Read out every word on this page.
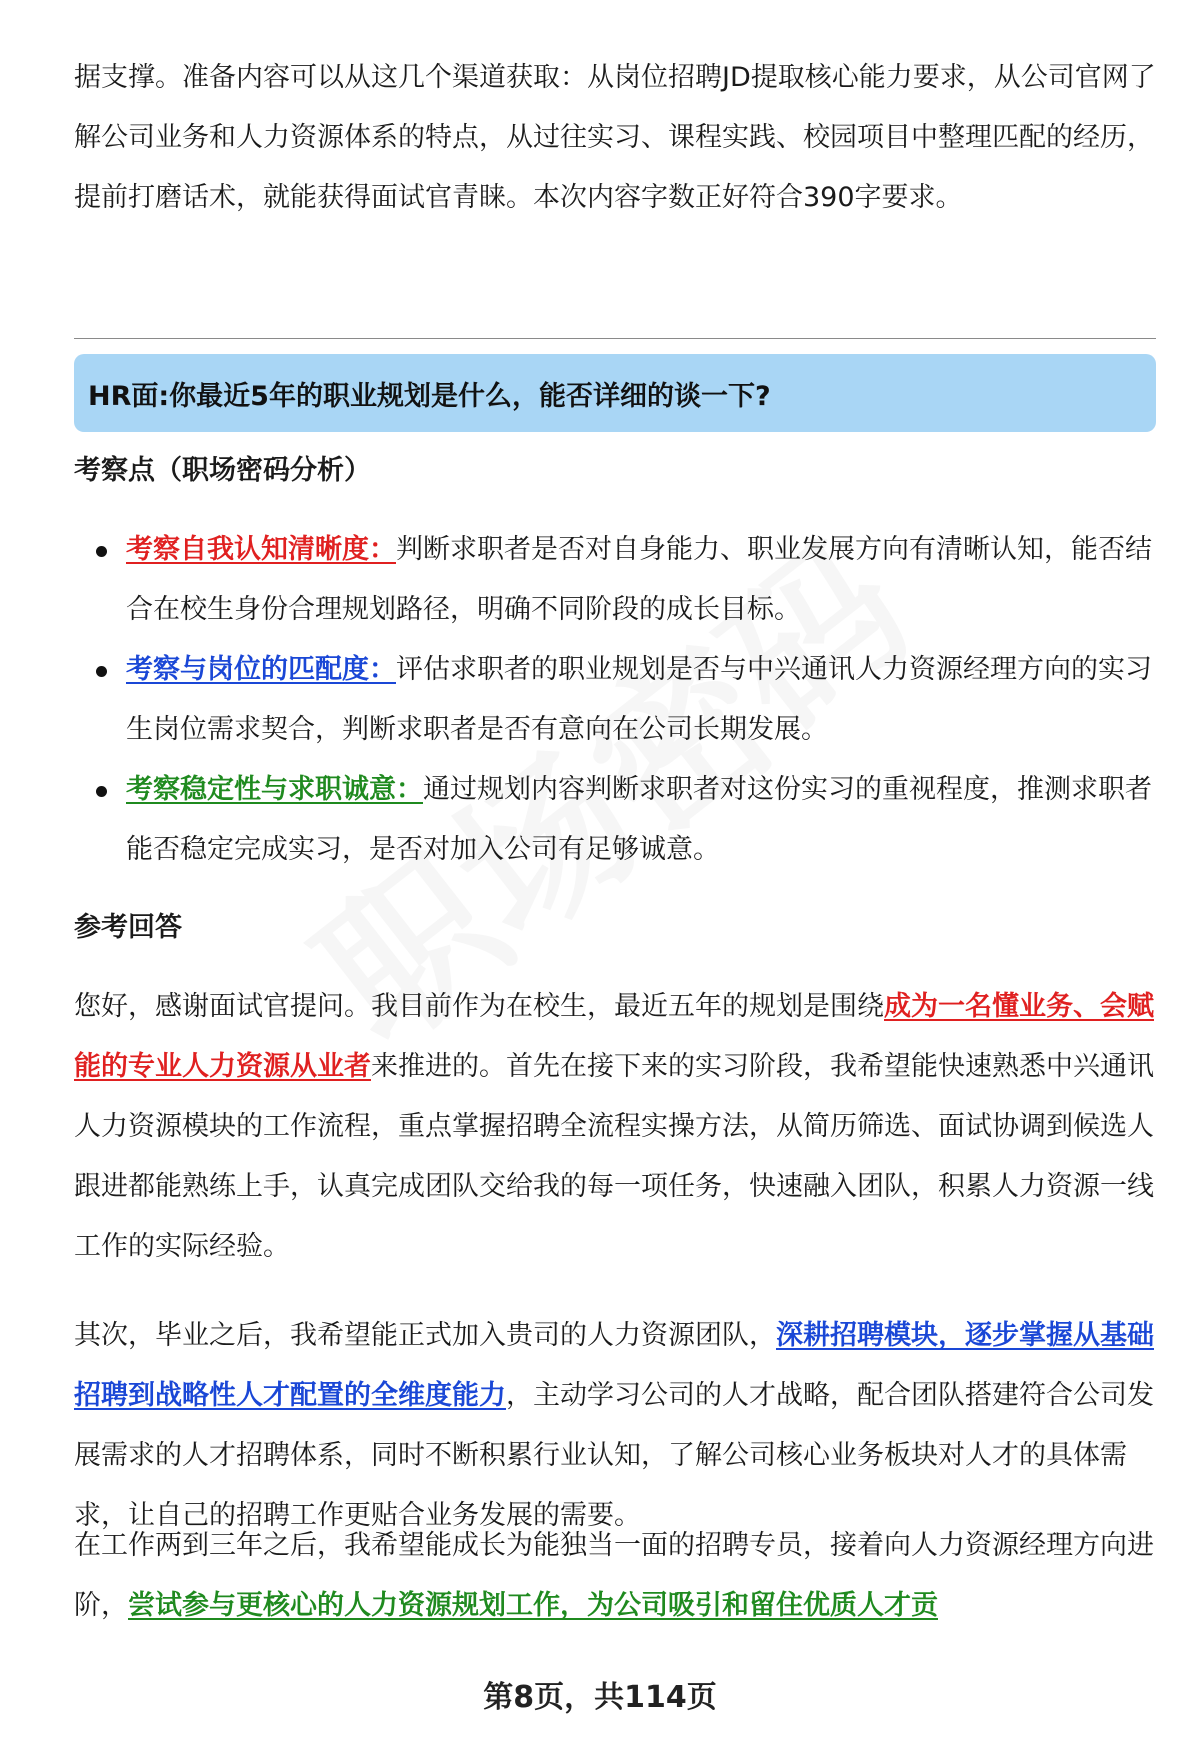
据支撑。准备内容可以从这几个渠道获取：从岗位招聘JD提取核心能力要求，从公司官网了解公司业务和人力资源体系的特点，从过往实习、课程实践、校园项目中整理匹配的经历，提前打磨话术，就能获得面试官青睐。本次内容字数正好符合390字要求。

HR面:你最近5年的职业规划是什么，能否详细的谈一下?
考察点（职场密码分析）
考察自我认知清晰度：判断求职者是否对自身能力、职业发展方向有清晰认知，能否结合在校生身份合理规划路径，明确不同阶段的成长目标。
考察与岗位的匹配度：评估求职者的职业规划是否与中兴通讯人力资源经理方向的实习生岗位需求契合，判断求职者是否有意向在公司长期发展。
考察稳定性与求职诚意：通过规划内容判断求职者对这份实习的重视程度，推测求职者能否稳定完成实习，是否对加入公司有足够诚意。
参考回答

您好，感谢面试官提问。我目前作为在校生，最近五年的规划是围绕成为一名懂业务、会赋能的专业人力资源从业者来推进的。首先在接下来的实习阶段，我希望能快速熟悉中兴通讯人力资源模块的工作流程，重点掌握招聘全流程实操方法，从简历筛选、面试协调到候选人跟进都能熟练上手，认真完成团队交给我的每一项任务，快速融入团队，积累人力资源一线工作的实际经验。

其次，毕业之后，我希望能正式加入贵司的人力资源团队，深耕招聘模块，逐步掌握从基础招聘到战略性人才配置的全维度能力，主动学习公司的人才战略，配合团队搭建符合公司发展需求的人才招聘体系，同时不断积累行业认知，了解公司核心业务板块对人才的具体需求，让自己的招聘工作更贴合业务发展的需要。

在工作两到三年之后，我希望能成长为能独当一面的招聘专员，接着向人力资源经理方向进阶，尝试参与更核心的人力资源规划工作，为公司吸引和留住优质人才贡

第8页，共114页
